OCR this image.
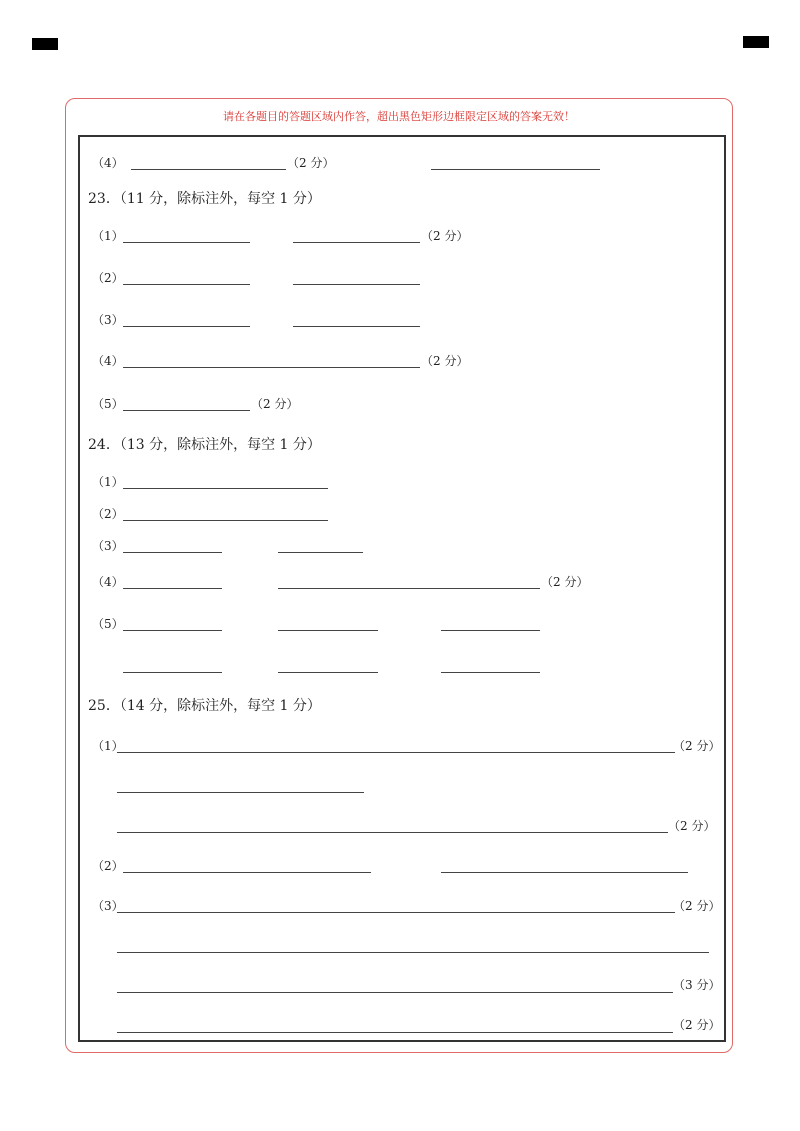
请在各题目的答题区域内作答，超出黑色矩形边框限定区域的答案无效！
（4）	（2 分）
23．（11 分，除标注外，每空 1 分）
（1）	（2 分）
（2）
（3）
（4）	（2 分）
（5）	（2 分）
24．（13 分，除标注外，每空 1 分）
（1）
（2）
（3）
（4）	（2 分）
（5）
25．（14 分，除标注外，每空 1 分）
（1）	（2 分）
（2 分）
（2）
（3）	（2 分）
（3 分）
（2 分）
